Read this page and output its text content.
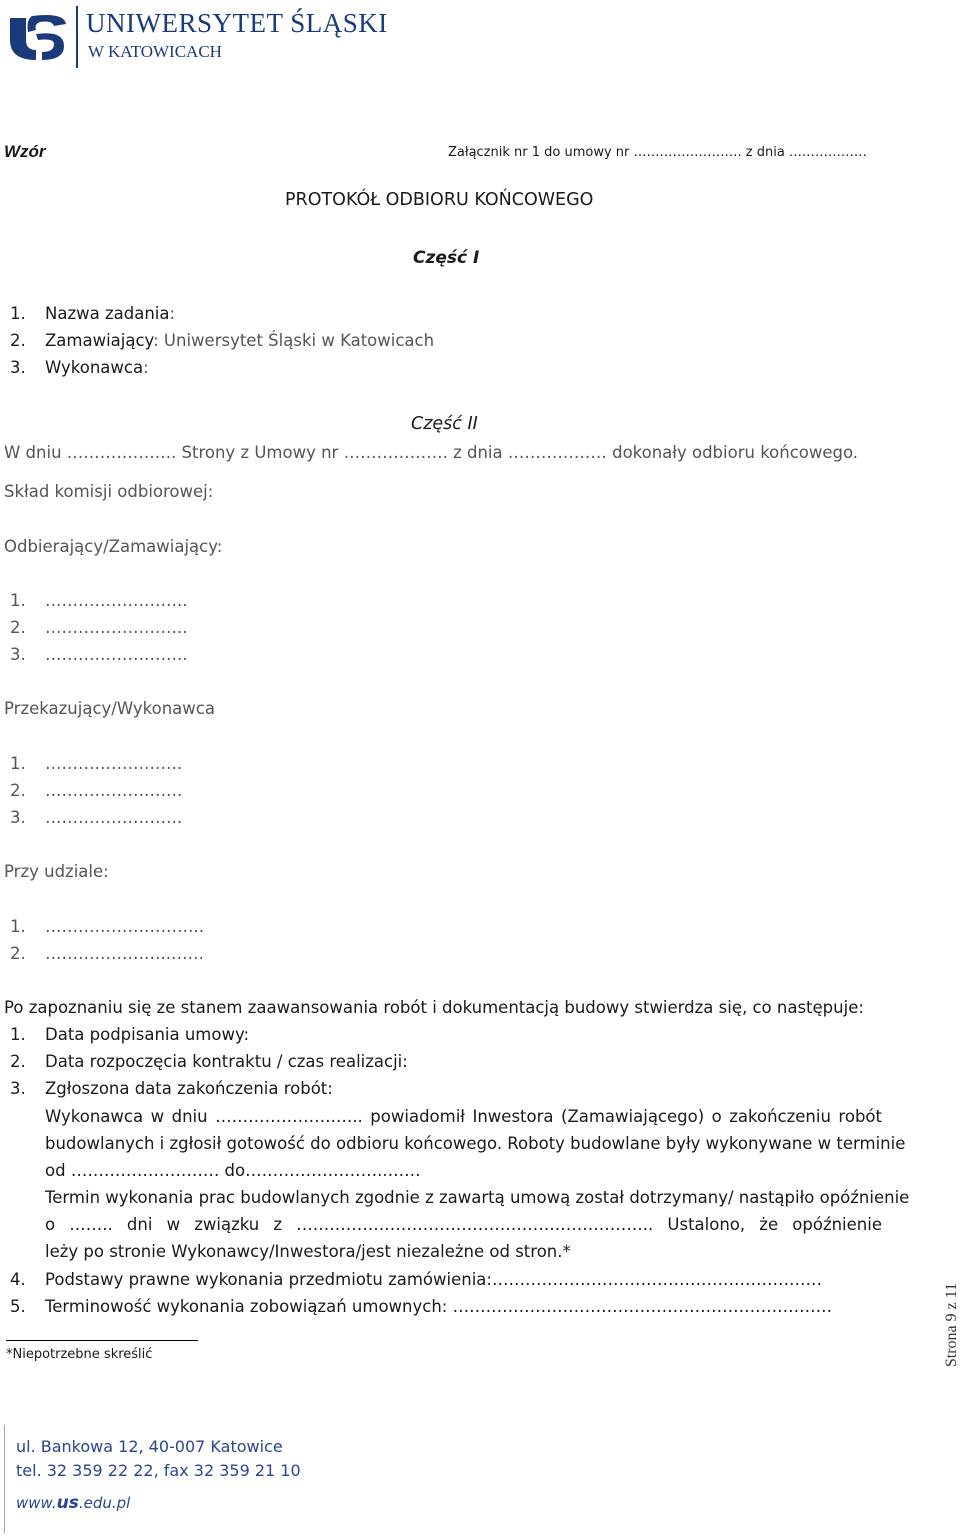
UNIWERSYTET ŚLĄSKI
W KATOWICACH
Wzór	Załącznik nr 1 do umowy nr ……………………. z dnia ………………
PROTOKÓŁ ODBIORU KOŃCOWEGO
Część I
1. Nazwa zadania:
2. Zamawiający: Uniwersytet Śląski w Katowicach
3. Wykonawca:
Część II
W dniu ……………….. Strony z Umowy nr ………………. z dnia ……………… dokonały odbioru końcowego.
Skład komisji odbiorowej:
Odbierający/Zamawiający:
1. ……………………..
2. ……………………..
3. ……………………..
Przekazujący/Wykonawca
1. …………………….
2. …………………….
3. …………………….
Przy udziale:
1. ………………………..
2. …………………..……
Po zapoznaniu się ze stanem zaawansowania robót i dokumentacją budowy stwierdza się, co następuje:
1. Data podpisania umowy:
2. Data rozpoczęcia kontraktu / czas realizacji:
3. Zgłoszona data zakończenia robót:
Wykonawca w dniu ………………….….. powiadomił Inwestora (Zamawiającego) o zakończeniu robót
budowlanych i zgłosił gotowość do odbioru końcowego. Roboty budowlane były wykonywane w terminie
od ……………………… do……………………..……
Termin wykonania prac budowlanych zgodnie z zawartą umową został dotrzymany/ nastąpiło opóźnienie
o …….. dni w związku z ……………………………………………………….. Ustalono, że opóźnienie
leży po stronie Wykonawcy/Inwestora/jest niezależne od stron.*
4. Podstawy prawne wykonania przedmiotu zamówienia:……………………………………………………
5. Terminowość wykonania zobowiązań umownych: ……………………………………………………………
*Niepotrzebne skreślić	Strona 9 z 11
ul. Bankowa 12, 40-007 Katowice
tel. 32 359 22 22, fax 32 359 21 10
www.us.edu.pl
